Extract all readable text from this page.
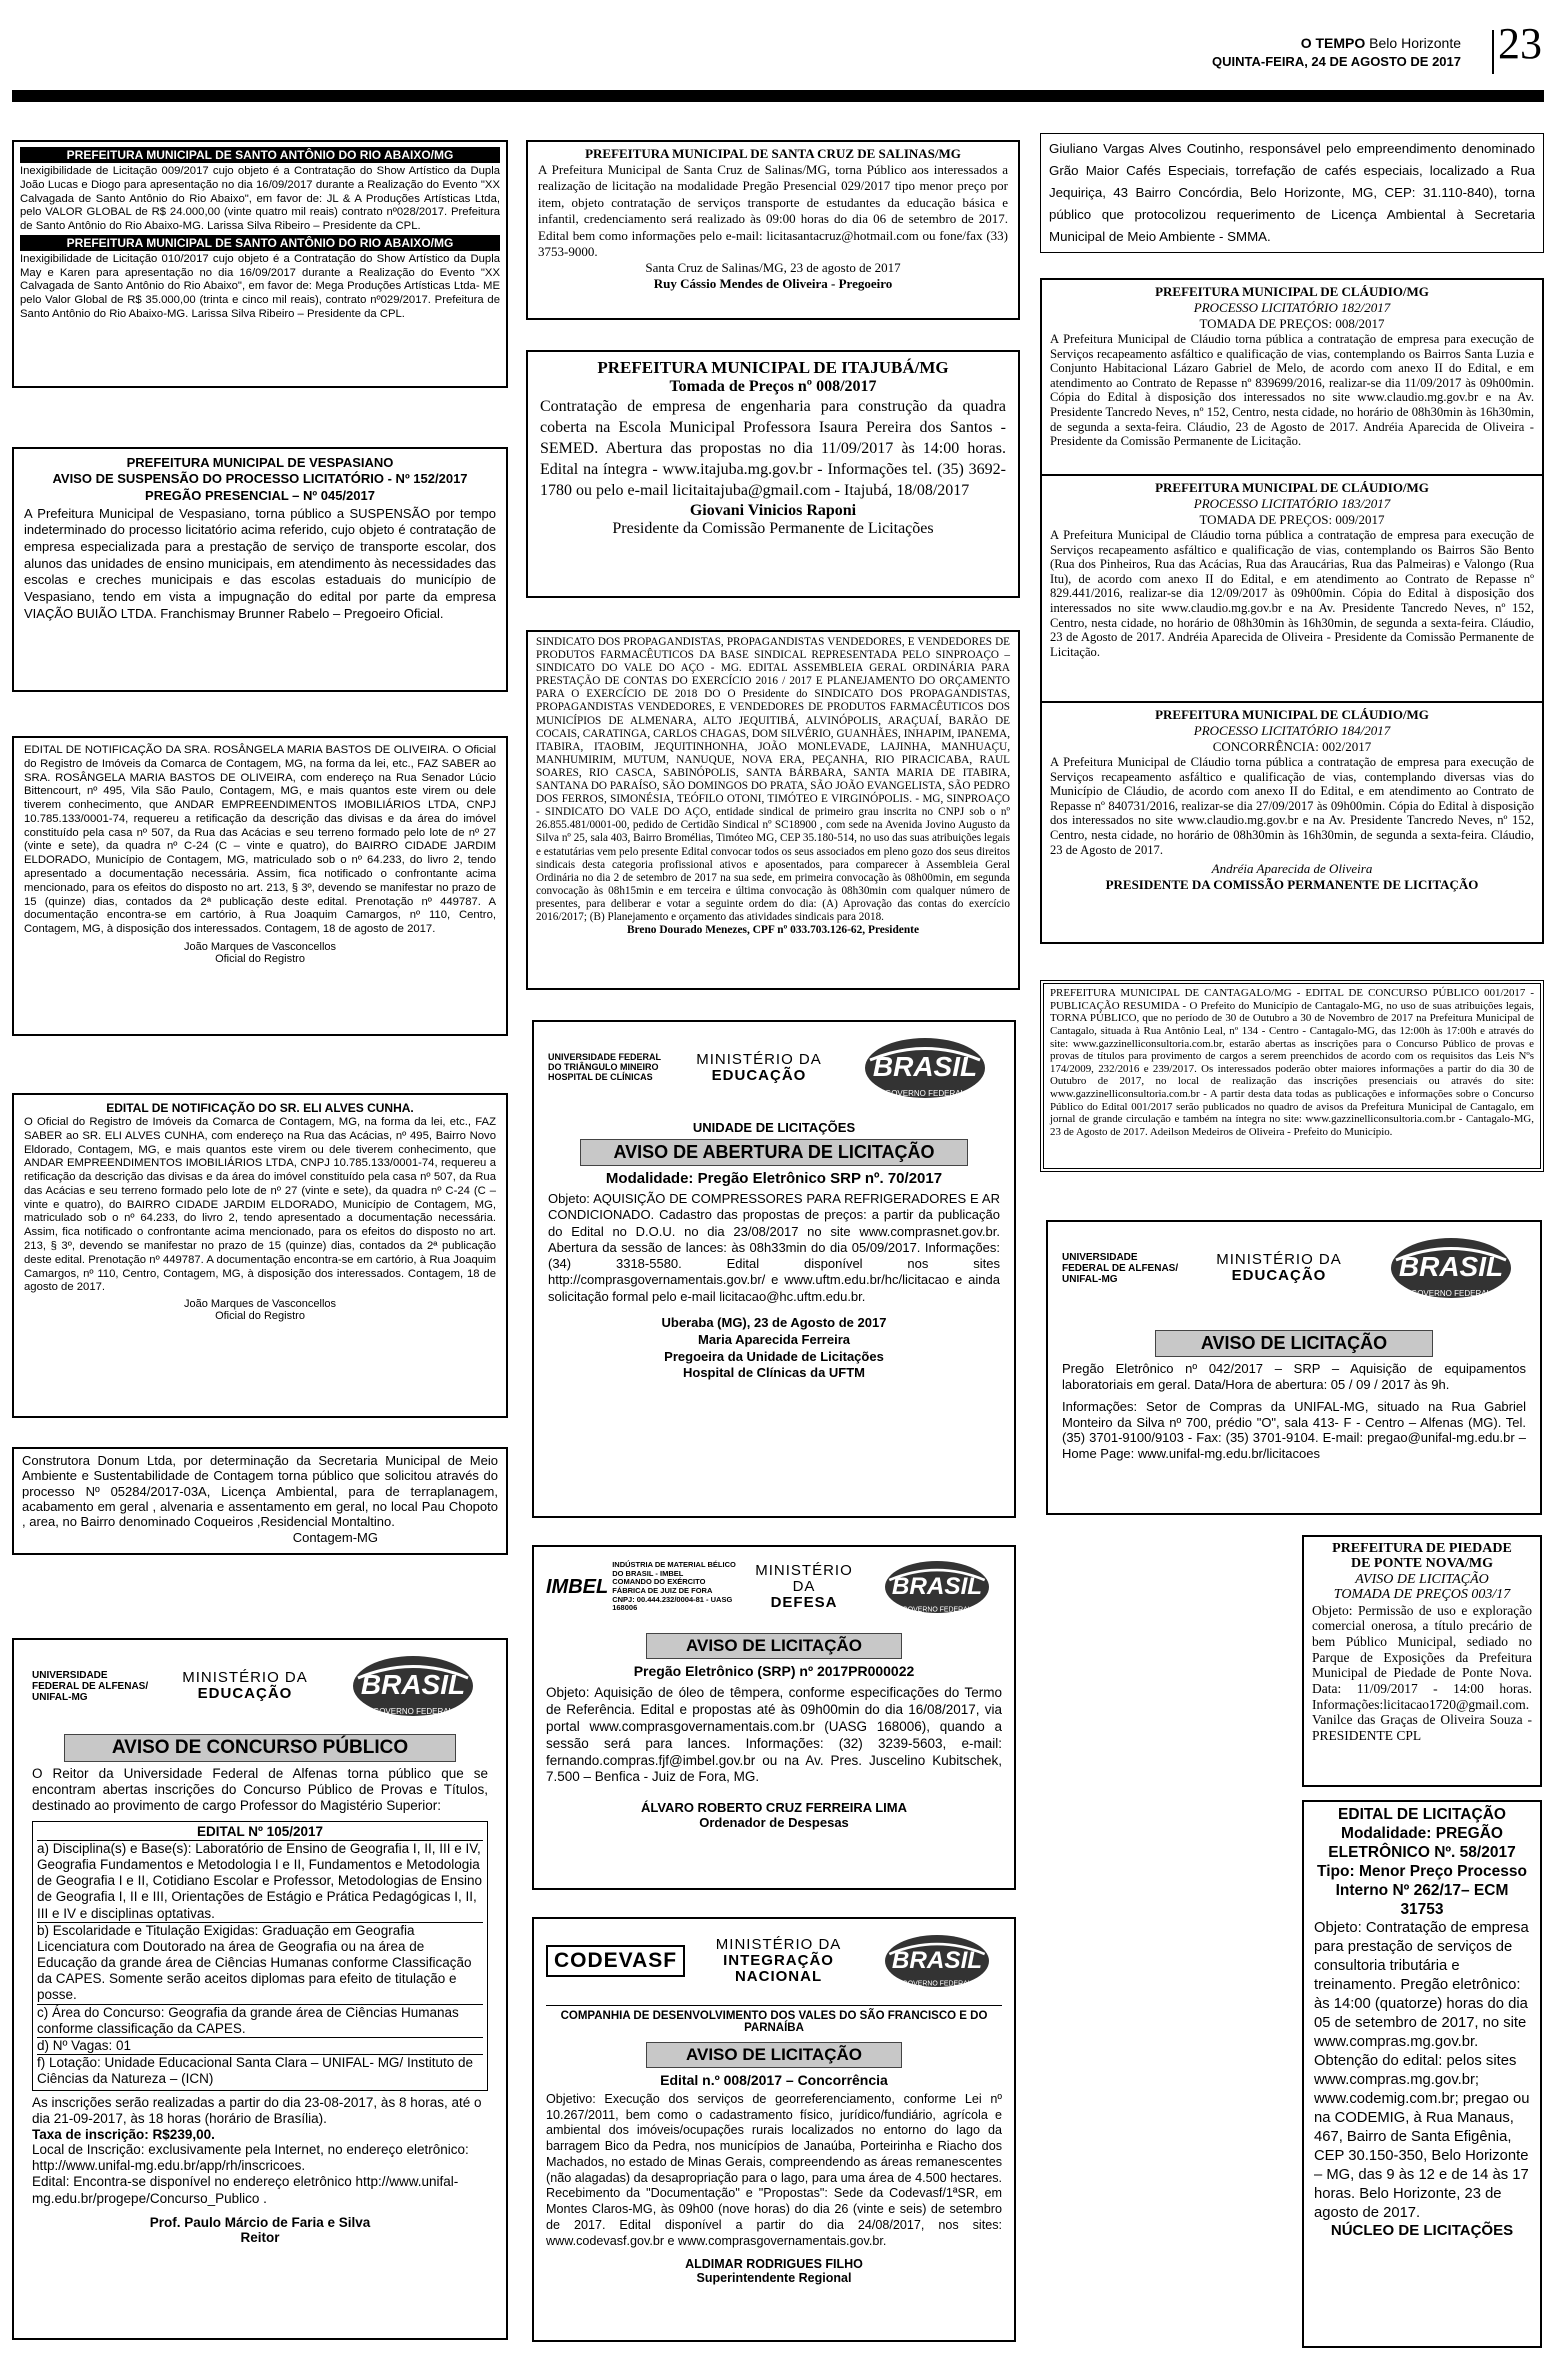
O TEMPO Belo Horizonte
QUINTA-FEIRA, 24 DE AGOSTO DE 2017 23
PREFEITURA MUNICIPAL DE SANTO ANTÔNIO DO RIO ABAIXO/MG
Inexigibilidade de Licitação 009/2017 cujo objeto é a Contratação do Show Artístico da Dupla João Lucas e Diogo para apresentação no dia 16/09/2017 durante a Realização do Evento "XX Calvagada de Santo Antônio do Rio Abaixo", em favor de: JL & A Produções Artísticas Ltda, pelo VALOR GLOBAL de R$ 24.000,00 (vinte quatro mil reais) contrato nº028/2017. Prefeitura de Santo Antônio do Rio Abaixo-MG. Larissa Silva Ribeiro – Presidente da CPL.
PREFEITURA MUNICIPAL DE SANTO ANTÔNIO DO RIO ABAIXO/MG
Inexigibilidade de Licitação 010/2017 cujo objeto é a Contratação do Show Artístico da Dupla May e Karen para apresentação no dia 16/09/2017 durante a Realização do Evento "XX Calvagada de Santo Antônio do Rio Abaixo", em favor de: Mega Produções Artísticas Ltda- ME pelo Valor Global de R$ 35.000,00 (trinta e cinco mil reais), contrato nº029/2017. Prefeitura de Santo Antônio do Rio Abaixo-MG. Larissa Silva Ribeiro – Presidente da CPL.
PREFEITURA MUNICIPAL DE VESPASIANO
AVISO DE SUSPENSÃO DO PROCESSO LICITATÓRIO - Nº 152/2017
PREGÃO PRESENCIAL – Nº 045/2017
A Prefeitura Municipal de Vespasiano, torna público a SUSPENSÃO por tempo indeterminado do processo licitatório acima referido, cujo objeto é contratação de empresa especializada para a prestação de serviço de transporte escolar, dos alunos das unidades de ensino municipais, em atendimento às necessidades das escolas e creches municipais e das escolas estaduais do município de Vespasiano, tendo em vista a impugnação do edital por parte da empresa VIAÇÃO BUIÃO LTDA. Franchismay Brunner Rabelo – Pregoeiro Oficial.
EDITAL DE NOTIFICAÇÃO DA SRA. ROSÂNGELA MARIA BASTOS DE OLIVEIRA. O Oficial do Registro de Imóveis da Comarca de Contagem, MG, na forma da lei, etc., FAZ SABER ao SRA. ROSÂNGELA MARIA BASTOS DE OLIVEIRA, com endereço na Rua Senador Lúcio Bittencourt, nº 495, Vila São Paulo, Contagem, MG, e mais quantos este virem ou dele tiverem conhecimento, que ANDAR EMPREENDIMENTOS IMOBILIÁRIOS LTDA, CNPJ 10.785.133/0001-74, requereu a retificação da descrição das divisas e da área do imóvel constituído pela casa nº 507, da Rua das Acácias e seu terreno formado pelo lote de nº 27 (vinte e sete), da quadra nº C-24 (C – vinte e quatro), do BAIRRO CIDADE JARDIM ELDORADO, Município de Contagem, MG, matriculado sob o nº 64.233, do livro 2, tendo apresentado a documentação necessária. Assim, fica notificado o confrontante acima mencionado, para os efeitos do disposto no art. 213, § 3º, devendo se manifestar no prazo de 15 (quinze) dias, contados da 2ª publicação deste edital. Prenotação nº 449787. A documentação encontra-se em cartório, à Rua Joaquim Camargos, nº 110, Centro, Contagem, MG, à disposição dos interessados. Contagem, 18 de agosto de 2017.
João Marques de Vasconcellos
Oficial do Registro
EDITAL DE NOTIFICAÇÃO DO SR. ELI ALVES CUNHA.
O Oficial do Registro de Imóveis da Comarca de Contagem, MG, na forma da lei, etc., FAZ SABER ao SR. ELI ALVES CUNHA, com endereço na Rua das Acácias, nº 495, Bairro Novo Eldorado, Contagem, MG, e mais quantos este virem ou dele tiverem conhecimento, que ANDAR EMPREENDIMENTOS IMOBILIÁRIOS LTDA, CNPJ 10.785.133/0001-74, requereu a retificação da descrição das divisas e da área do imóvel constituído pela casa nº 507, da Rua das Acácias e seu terreno formado pelo lote de nº 27 (vinte e sete), da quadra nº C-24 (C – vinte e quatro), do BAIRRO CIDADE JARDIM ELDORADO, Município de Contagem, MG, matriculado sob o nº 64.233, do livro 2, tendo apresentado a documentação necessária. Assim, fica notificado o confrontante acima mencionado, para os efeitos do disposto no art. 213, § 3º, devendo se manifestar no prazo de 15 (quinze) dias, contados da 2ª publicação deste edital. Prenotação nº 449787. A documentação encontra-se em cartório, à Rua Joaquim Camargos, nº 110, Centro, Contagem, MG, à disposição dos interessados. Contagem, 18 de agosto de 2017.
João Marques de Vasconcellos
Oficial do Registro
Construtora Donum Ltda, por determinação da Secretaria Municipal de Meio Ambiente e Sustentabilidade de Contagem torna público que solicitou através do processo Nº 05284/2017-03A, Licença Ambiental, para de terraplanagem, acabamento em geral , alvenaria e assentamento em geral, no local Pau Chopoto , area, no Bairro denominado Coqueiros ,Residencial Montaltino.
Contagem-MG
UNIVERSIDADE FEDERAL DE ALFENAS/ UNIFAL-MG
MINISTÉRIO DA
EDUCAÇÃO	BRASIL
GOVERNO FEDERAL
AVISO DE CONCURSO PÚBLICO
O Reitor da Universidade Federal de Alfenas torna público que se encontram abertas inscrições do Concurso Público de Provas e Títulos, destinado ao provimento de cargo Professor do Magistério Superior:
EDITAL Nº 105/2017
a) Disciplina(s) e Base(s): Laboratório de Ensino de Geografia I, II, III e IV, Geografia Fundamentos e Metodologia I e II, Fundamentos e Metodologia de Geografia I e II, Cotidiano Escolar e Professor, Metodologias de Ensino de Geografia I, II e III, Orientações de Estágio e Prática Pedagógicas I, II, III e IV e disciplinas optativas.
b) Escolaridade e Titulação Exigidas: Graduação em Geografia Licenciatura com Doutorado na área de Geografia ou na área de Educação da grande área de Ciências Humanas conforme Classificação da CAPES. Somente serão aceitos diplomas para efeito de titulação e posse.
c) Área do Concurso: Geografia da grande área de Ciências Humanas conforme classificação da CAPES.
d) Nº Vagas: 01
f) Lotação: Unidade Educacional Santa Clara – UNIFAL- MG/ Instituto de Ciências da Natureza – (ICN)
As inscrições serão realizadas a partir do dia 23-08-2017, às 8 horas, até o dia 21-09-2017, às 18 horas (horário de Brasília).
Taxa de inscrição: R$239,00.
Local de Inscrição: exclusivamente pela Internet, no endereço eletrônico: http://www.unifal-mg.edu.br/app/rh/inscricoes.
Edital: Encontra-se disponível no endereço eletrônico http://www.unifal-mg.edu.br/progepe/Concurso_Publico .
Prof. Paulo Márcio de Faria e Silva
Reitor
PREFEITURA MUNICIPAL DE SANTA CRUZ DE SALINAS/MG
A Prefeitura Municipal de Santa Cruz de Salinas/MG, torna Público aos interessados a realização de licitação na modalidade Pregão Presencial 029/2017 tipo menor preço por item, objeto contratação de serviços transporte de estudantes da educação básica e infantil, credenciamento será realizado às 09:00 horas do dia 06 de setembro de 2017. Edital bem como informações pelo e-mail: licitasantacruz@hotmail.com ou fone/fax (33) 3753-9000.
Santa Cruz de Salinas/MG, 23 de agosto de 2017
Ruy Cássio Mendes de Oliveira - Pregoeiro
PREFEITURA MUNICIPAL DE ITAJUBÁ/MG
Tomada de Preços nº 008/2017
Contratação de empresa de engenharia para construção da quadra coberta na Escola Municipal Professora Isaura Pereira dos Santos - SEMED. Abertura das propostas no dia 11/09/2017 às 14:00 horas. Edital na íntegra - www.itajuba.mg.gov.br - Informações tel. (35) 3692-1780 ou pelo e-mail licitaitajuba@gmail.com - Itajubá, 18/08/2017
Giovani Vinicios Raponi
Presidente da Comissão Permanente de Licitações
SINDICATO DOS PROPAGANDISTAS, PROPAGANDISTAS VENDEDORES, E VENDEDORES DE PRODUTOS FARMACÊUTICOS DA BASE SINDICAL REPRESENTADA PELO SINPROAÇO – SINDICATO DO VALE DO AÇO - MG. EDITAL ASSEMBLEIA GERAL ORDINÁRIA PARA PRESTAÇÃO DE CONTAS DO EXERCÍCIO 2016 / 2017 E PLANEJAMENTO DO ORÇAMENTO PARA O EXERCÍCIO DE 2018 DO O Presidente do SINDICATO DOS PROPAGANDISTAS, PROPAGANDISTAS VENDEDORES, E VENDEDORES DE PRODUTOS FARMACÊUTICOS DOS MUNICÍPIOS DE ALMENARA, ALTO JEQUITIBÁ, ALVINÓPOLIS, ARAÇUAÍ, BARÃO DE COCAIS, CARATINGA, CARLOS CHAGAS, DOM SILVÉRIO, GUANHÃES, INHAPIM, IPANEMA, ITABIRA, ITAOBIM, JEQUITINHONHA, JOÃO MONLEVADE, LAJINHA, MANHUAÇU, MANHUMIRIM, MUTUM, NANUQUE, NOVA ERA, PEÇANHA, RIO PIRACICABA, RAUL SOARES, RIO CASCA, SABINÓPOLIS, SANTA BÁRBARA, SANTA MARIA DE ITABIRA, SANTANA DO PARAÍSO, SÃO DOMINGOS DO PRATA, SÃO JOÃO EVANGELISTA, SÃO PEDRO DOS FERROS, SIMONÉSIA, TEÓFILO OTONI, TIMÓTEO E VIRGINÓPOLIS. - MG, SINPROAÇO - SINDICATO DO VALE DO AÇO, entidade sindical de primeiro grau inscrita no CNPJ sob o nº 26.855.481/0001-00, pedido de Certidão Sindical nº SC18900 , com sede na Avenida Jovino Augusto da Silva nº 25, sala 403, Bairro Bromélias, Timóteo MG, CEP 35.180-514, no uso das suas atribuições legais e estatutárias vem pelo presente Edital convocar todos os seus associados em pleno gozo dos seus direitos sindicais desta categoria profissional ativos e aposentados, para comparecer à Assembleia Geral Ordinária no dia 2 de setembro de 2017 na sua sede, em primeira convocação às 08h00min, em segunda convocação às 08h15min e em terceira e última convocação às 08h30min com qualquer número de presentes, para deliberar e votar a seguinte ordem do dia: (A) Aprovação das contas do exercício 2016/2017; (B) Planejamento e orçamento das atividades sindicais para 2018.
Breno Dourado Menezes, CPF nº 033.703.126-62, Presidente
UNIVERSIDADE FEDERAL DO TRIÂNGULO MINEIRO HOSPITAL DE CLÍNICAS
MINISTÉRIO DA
EDUCAÇÃO	BRASIL
GOVERNO FEDERAL
UNIDADE DE LICITAÇÕES
AVISO DE ABERTURA DE LICITAÇÃO
Modalidade: Pregão Eletrônico SRP nº. 70/2017
Objeto: AQUISIÇÃO DE COMPRESSORES PARA REFRIGERADORES E AR CONDICIONADO. Cadastro das propostas de preços: a partir da publicação do Edital no D.O.U. no dia 23/08/2017 no site www.comprasnet.gov.br. Abertura da sessão de lances: às 08h33min do dia 05/09/2017. Informações: (34) 3318-5580. Edital disponível nos sites http://comprasgovernamentais.gov.br/ e www.uftm.edu.br/hc/licitacao e ainda solicitação formal pelo e-mail licitacao@hc.uftm.edu.br.
Uberaba (MG), 23 de Agosto de 2017
Maria Aparecida Ferreira
Pregoeira da Unidade de Licitações
Hospital de Clínicas da UFTM
IMBEL
INDÚSTRIA DE MATERIAL BÉLICO DO BRASIL - IMBEL
COMANDO DO EXÉRCITO
FÁBRICA DE JUIZ DE FORA
CNPJ: 00.444.232/0004-81 - UASG 168006
MINISTÉRIO DA
DEFESA
BRASIL
GOVERNO FEDERAL
AVISO DE LICITAÇÃO
Pregão Eletrônico (SRP) nº 2017PR000022
Objeto: Aquisição de óleo de têmpera, conforme especificações do Termo de Referência. Edital e propostas até às 09h00min do dia 16/08/2017, via portal www.comprasgovernamentais.com.br (UASG 168006), quando a sessão será para lances. Informações: (32) 3239-5603, e-mail: fernando.compras.fjf@imbel.gov.br ou na Av. Pres. Juscelino Kubitschek, 7.500 – Benfica - Juiz de Fora, MG.
ÁLVARO ROBERTO CRUZ FERREIRA LIMA
Ordenador de Despesas
CODEVASF
MINISTÉRIO DA
INTEGRAÇÃO NACIONAL
BRASIL
GOVERNO FEDERAL
COMPANHIA DE DESENVOLVIMENTO DOS VALES DO SÃO FRANCISCO E DO PARNAÍBA
AVISO DE LICITAÇÃO
Edital n.º 008/2017 – Concorrência
Objetivo: Execução dos serviços de georreferenciamento, conforme Lei nº 10.267/2011, bem como o cadastramento físico, jurídico/fundiário, agrícola e ambiental dos imóveis/ocupações rurais localizados no entorno do lago da barragem Bico da Pedra, nos municípios de Janaúba, Porteirinha e Riacho dos Machados, no estado de Minas Gerais, compreendendo as áreas remanescentes (não alagadas) da desapropriação para o lago, para uma área de 4.500 hectares. Recebimento da "Documentação" e "Propostas": Sede da Codevasf/1ªSR, em Montes Claros-MG, às 09h00 (nove horas) do dia 26 (vinte e seis) de setembro de 2017. Edital disponível a partir do dia 24/08/2017, nos sites: www.codevasf.gov.br e www.comprasgovernamentais.gov.br.
ALDIMAR RODRIGUES FILHO
Superintendente Regional
Giuliano Vargas Alves Coutinho, responsável pelo empreendimento denominado Grão Maior Cafés Especiais, torrefação de cafés especiais, localizado a Rua Jequiriça, 43 Bairro Concórdia, Belo Horizonte, MG, CEP: 31.110-840), torna público que protocolizou requerimento de Licença Ambiental à Secretaria Municipal de Meio Ambiente - SMMA.
PREFEITURA MUNICIPAL DE CLÁUDIO/MG
PROCESSO LICITATÓRIO 182/2017
TOMADA DE PREÇOS: 008/2017
A Prefeitura Municipal de Cláudio torna pública a contratação de empresa para execução de Serviços recapeamento asfáltico e qualificação de vias, contemplando os Bairros Santa Luzia e Conjunto Habitacional Lázaro Gabriel de Melo, de acordo com anexo II do Edital, e em atendimento ao Contrato de Repasse nº 839699/2016, realizar-se dia 11/09/2017 às 09h00min. Cópia do Edital à disposição dos interessados no site www.claudio.mg.gov.br e na Av. Presidente Tancredo Neves, nº 152, Centro, nesta cidade, no horário de 08h30min às 16h30min, de segunda a sexta-feira. Cláudio, 23 de Agosto de 2017. Andréia Aparecida de Oliveira - Presidente da Comissão Permanente de Licitação.
PREFEITURA MUNICIPAL DE CLÁUDIO/MG
PROCESSO LICITATÓRIO 183/2017
TOMADA DE PREÇOS: 009/2017
A Prefeitura Municipal de Cláudio torna pública a contratação de empresa para execução de Serviços recapeamento asfáltico e qualificação de vias, contemplando os Bairros São Bento (Rua dos Pinheiros, Rua das Acácias, Rua das Araucárias, Rua das Palmeiras) e Valongo (Rua Itu), de acordo com anexo II do Edital, e em atendimento ao Contrato de Repasse nº 829.441/2016, realizar-se dia 12/09/2017 às 09h00min. Cópia do Edital à disposição dos interessados no site www.claudio.mg.gov.br e na Av. Presidente Tancredo Neves, nº 152, Centro, nesta cidade, no horário de 08h30min às 16h30min, de segunda a sexta-feira. Cláudio, 23 de Agosto de 2017. Andréia Aparecida de Oliveira - Presidente da Comissão Permanente de Licitação.
PREFEITURA MUNICIPAL DE CLÁUDIO/MG
PROCESSO LICITATÓRIO 184/2017
CONCORRÊNCIA: 002/2017
A Prefeitura Municipal de Cláudio torna pública a contratação de empresa para execução de Serviços recapeamento asfáltico e qualificação de vias, contemplando diversas vias do Município de Cláudio, de acordo com anexo II do Edital, e em atendimento ao Contrato de Repasse nº 840731/2016, realizar-se dia 27/09/2017 às 09h00min. Cópia do Edital à disposição dos interessados no site www.claudio.mg.gov.br e na Av. Presidente Tancredo Neves, nº 152, Centro, nesta cidade, no horário de 08h30min às 16h30min, de segunda a sexta-feira. Cláudio, 23 de Agosto de 2017.
Andréia Aparecida de Oliveira
PRESIDENTE DA COMISSÃO PERMANENTE DE LICITAÇÃO
PREFEITURA MUNICIPAL DE CANTAGALO/MG - EDITAL DE CONCURSO PÚBLICO 001/2017 - PUBLICAÇÃO RESUMIDA - O Prefeito do Município de Cantagalo-MG, no uso de suas atribuições legais, TORNA PÚBLICO, que no período de 30 de Outubro a 30 de Novembro de 2017 na Prefeitura Municipal de Cantagalo, situada à Rua Antônio Leal, nº 134 - Centro - Cantagalo-MG, das 12:00h às 17:00h e através do site: www.gazzinelliconsultoria.com.br, estarão abertas as inscrições para o Concurso Público de provas e provas de títulos para provimento de cargos a serem preenchidos de acordo com os requisitos das Leis Nºs 174/2009, 232/2016 e 239/2017. Os interessados poderão obter maiores informações a partir do dia 30 de Outubro de 2017, no local de realização das inscrições presenciais ou através do site: www.gazzinelliconsultoria.com.br - A partir desta data todas as publicações e informações sobre o Concurso Público do Edital 001/2017 serão publicados no quadro de avisos da Prefeitura Municipal de Cantagalo, em jornal de grande circulação e também na íntegra no site: www.gazzinelliconsultoria.com.br - Cantagalo-MG, 23 de Agosto de 2017. Adeilson Medeiros de Oliveira - Prefeito do Município.
UNIVERSIDADE FEDERAL DE ALFENAS/ UNIFAL-MG
MINISTÉRIO DA
EDUCAÇÃO	BRASIL
GOVERNO FEDERAL
AVISO DE LICITAÇÃO
Pregão Eletrônico nº 042/2017 – SRP – Aquisição de equipamentos laboratoriais em geral. Data/Hora de abertura: 05 / 09 / 2017 às 9h.
Informações: Setor de Compras da UNIFAL-MG, situado na Rua Gabriel Monteiro da Silva nº 700, prédio "O", sala 413- F - Centro – Alfenas (MG). Tel. (35) 3701-9100/9103 - Fax: (35) 3701-9104. E-mail: pregao@unifal-mg.edu.br – Home Page: www.unifal-mg.edu.br/licitacoes
PREFEITURA DE PIEDADE
DE PONTE NOVA/MG
AVISO DE LICITAÇÃO
TOMADA DE PREÇOS 003/17
Objeto: Permissão de uso e exploração comercial onerosa, a título precário de bem Público Municipal, sediado no Parque de Exposições da Prefeitura Municipal de Piedade de Ponte Nova. Data: 11/09/2017 - 14:00 horas. Informações:licitacao1720@gmail.com. Vanilce das Graças de Oliveira Souza - PRESIDENTE CPL
EDITAL DE LICITAÇÃO Modalidade: PREGÃO ELETRÔNICO Nº. 58/2017 Tipo: Menor Preço Processo Interno Nº 262/17– ECM 31753
Objeto: Contratação de empresa para prestação de serviços de consultoria tributária e treinamento. Pregão eletrônico: às 14:00 (quatorze) horas do dia 05 de setembro de 2017, no site www.compras.mg.gov.br. Obtenção do edital: pelos sites www.compras.mg.gov.br; www.codemig.com.br; pregao ou na CODEMIG, à Rua Manaus, 467, Bairro de Santa Efigênia, CEP 30.150-350, Belo Horizonte – MG, das 9 às 12 e de 14 às 17 horas. Belo Horizonte, 23 de agosto de 2017.
NÚCLEO DE LICITAÇÕES
